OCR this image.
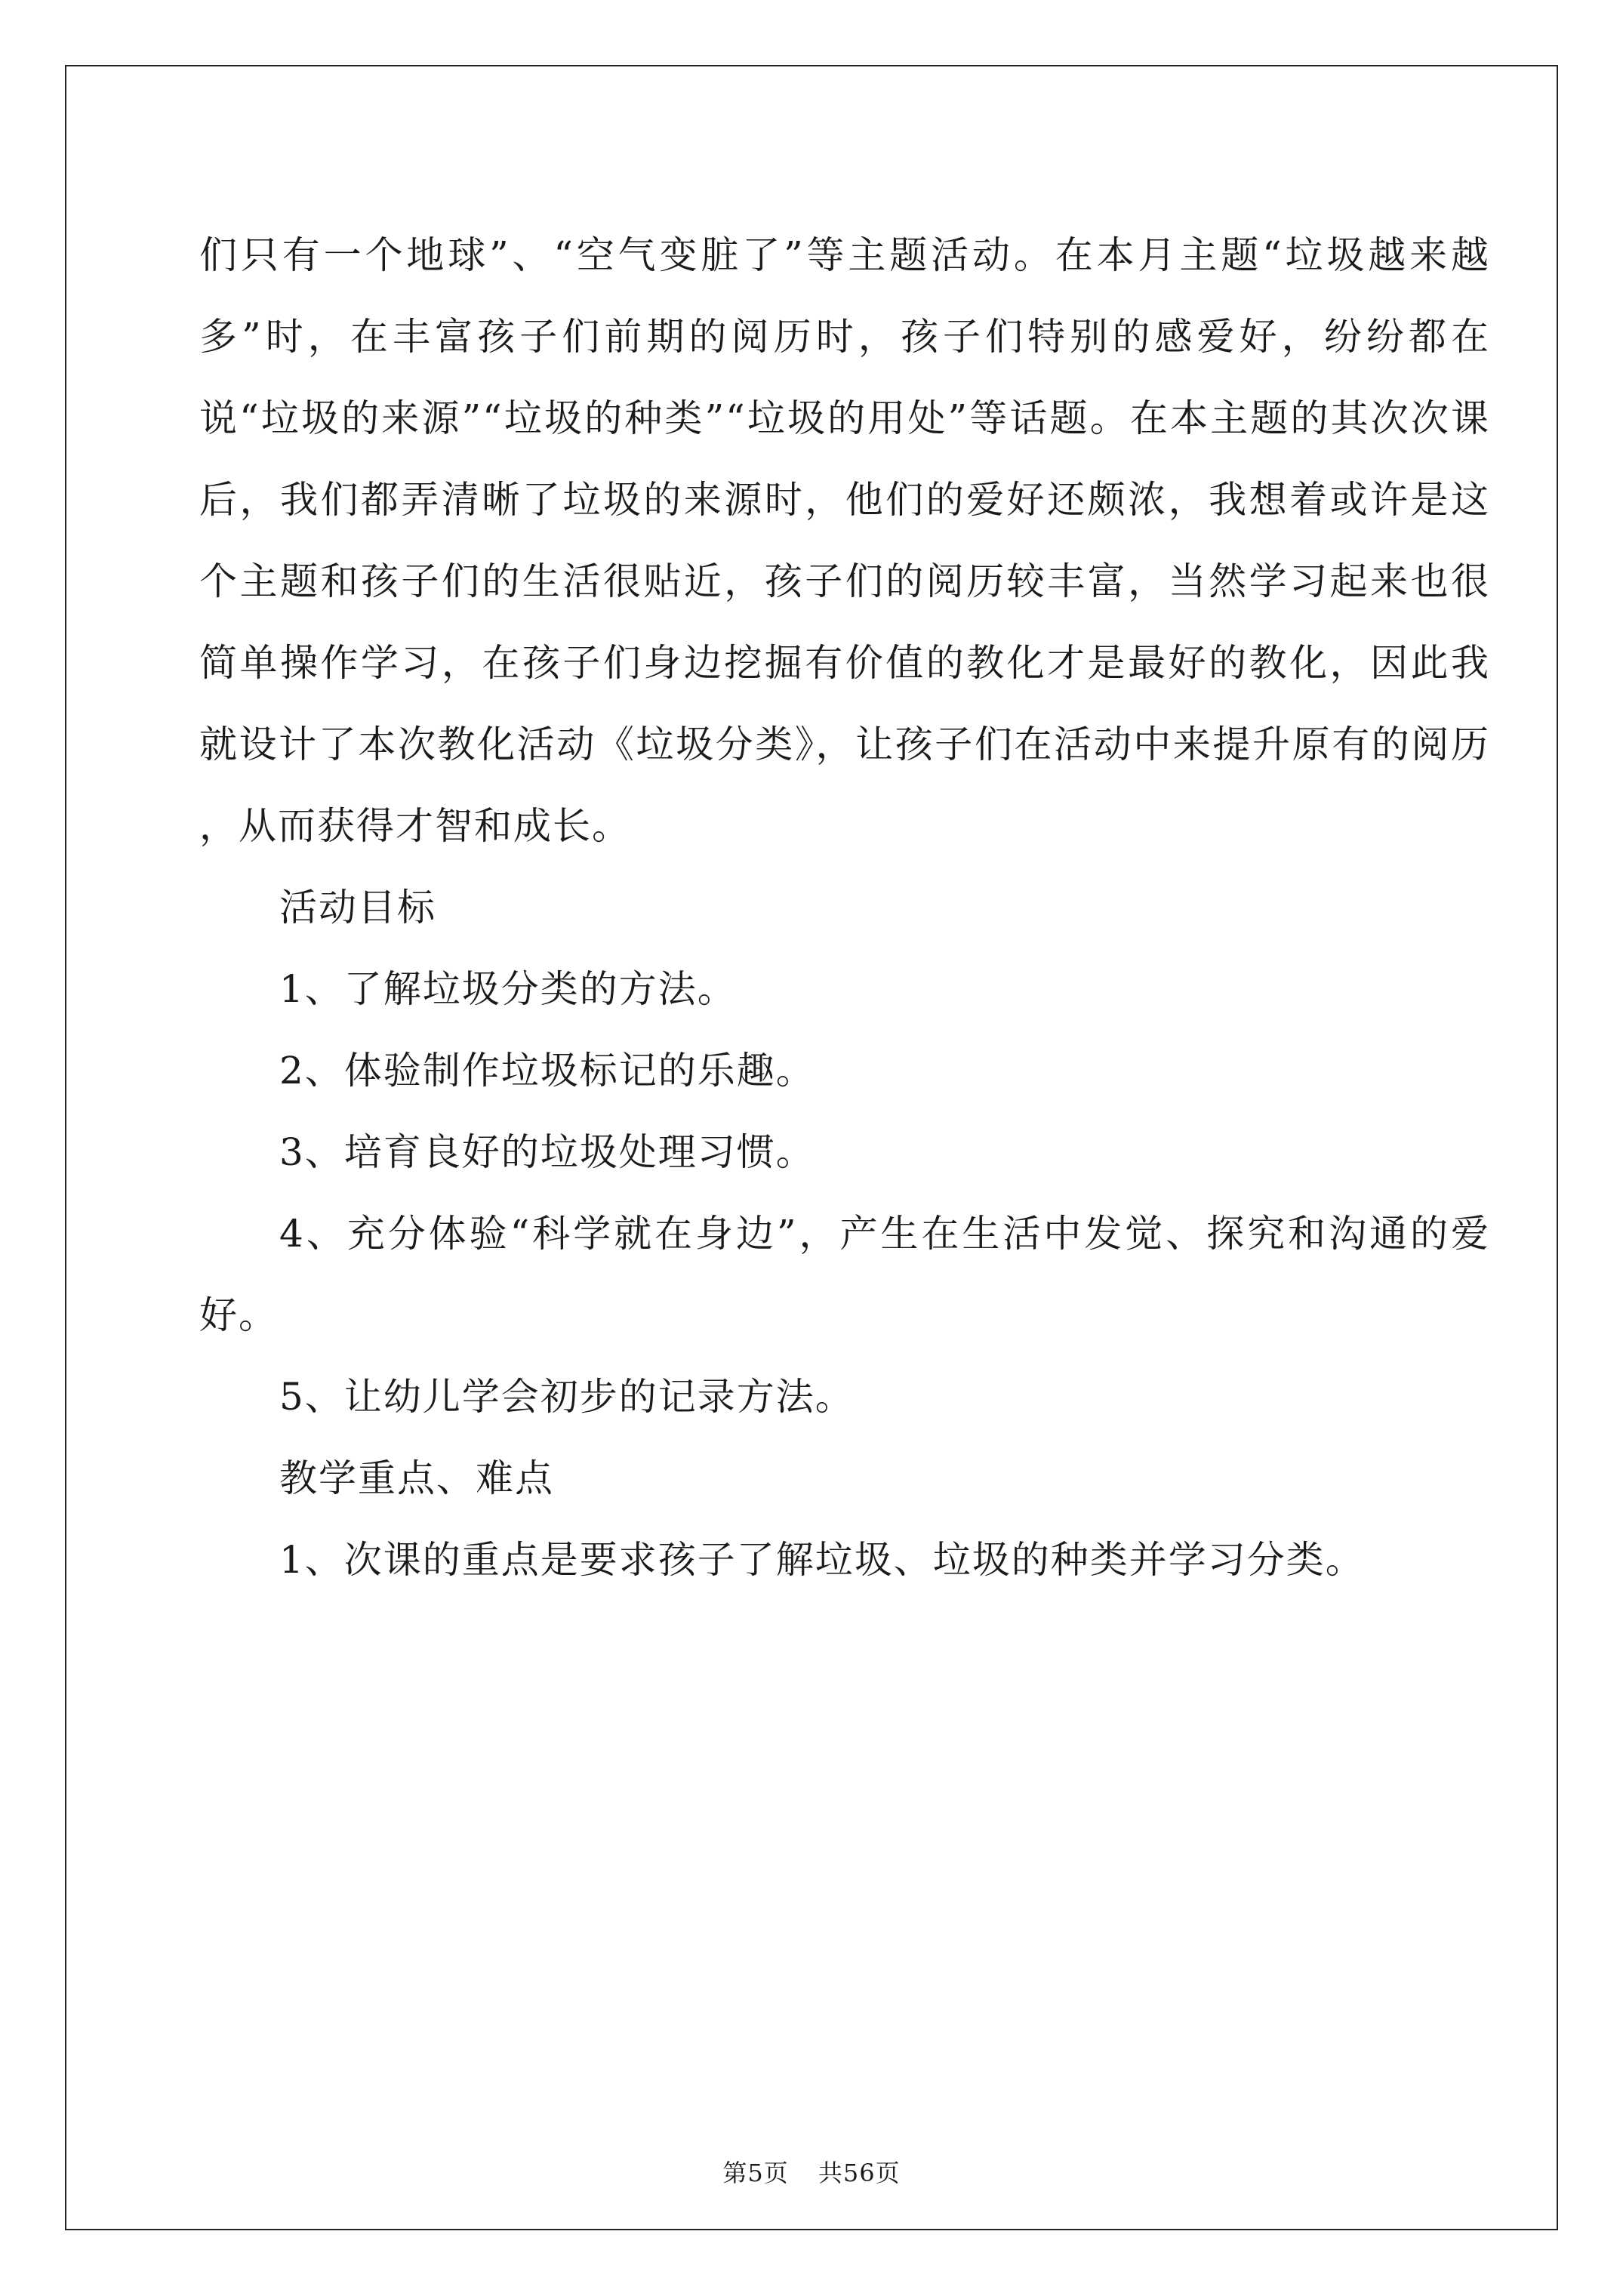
们只有一个地球”、“空气变脏了”等主题活动。在本月主题“垃圾越来越多”时，在丰富孩子们前期的阅历时，孩子们特别的感爱好，纷纷都在说“垃圾的来源”“垃圾的种类”“垃圾的用处”等话题。在本主题的其次次课后，我们都弄清晰了垃圾的来源时，他们的爱好还颇浓，我想着或许是这个主题和孩子们的生活很贴近，孩子们的阅历较丰富，当然学习起来也很简单操作学习，在孩子们身边挖掘有价值的教化才是最好的教化，因此我就设计了本次教化活动《垃圾分类》，让孩子们在活动中来提升原有的阅历 ，从而获得才智和成长。

活动目标

1、了解垃圾分类的方法。

2、体验制作垃圾标记的乐趣。

3、培育良好的垃圾处理习惯。

4、充分体验“科学就在身边”，产生在生活中发觉、探究和沟通的爱好。

5、让幼儿学会初步的记录方法。

教学重点、难点

1、次课的重点是要求孩子了解垃圾、垃圾的种类并学习分类。

第5页 共56页
